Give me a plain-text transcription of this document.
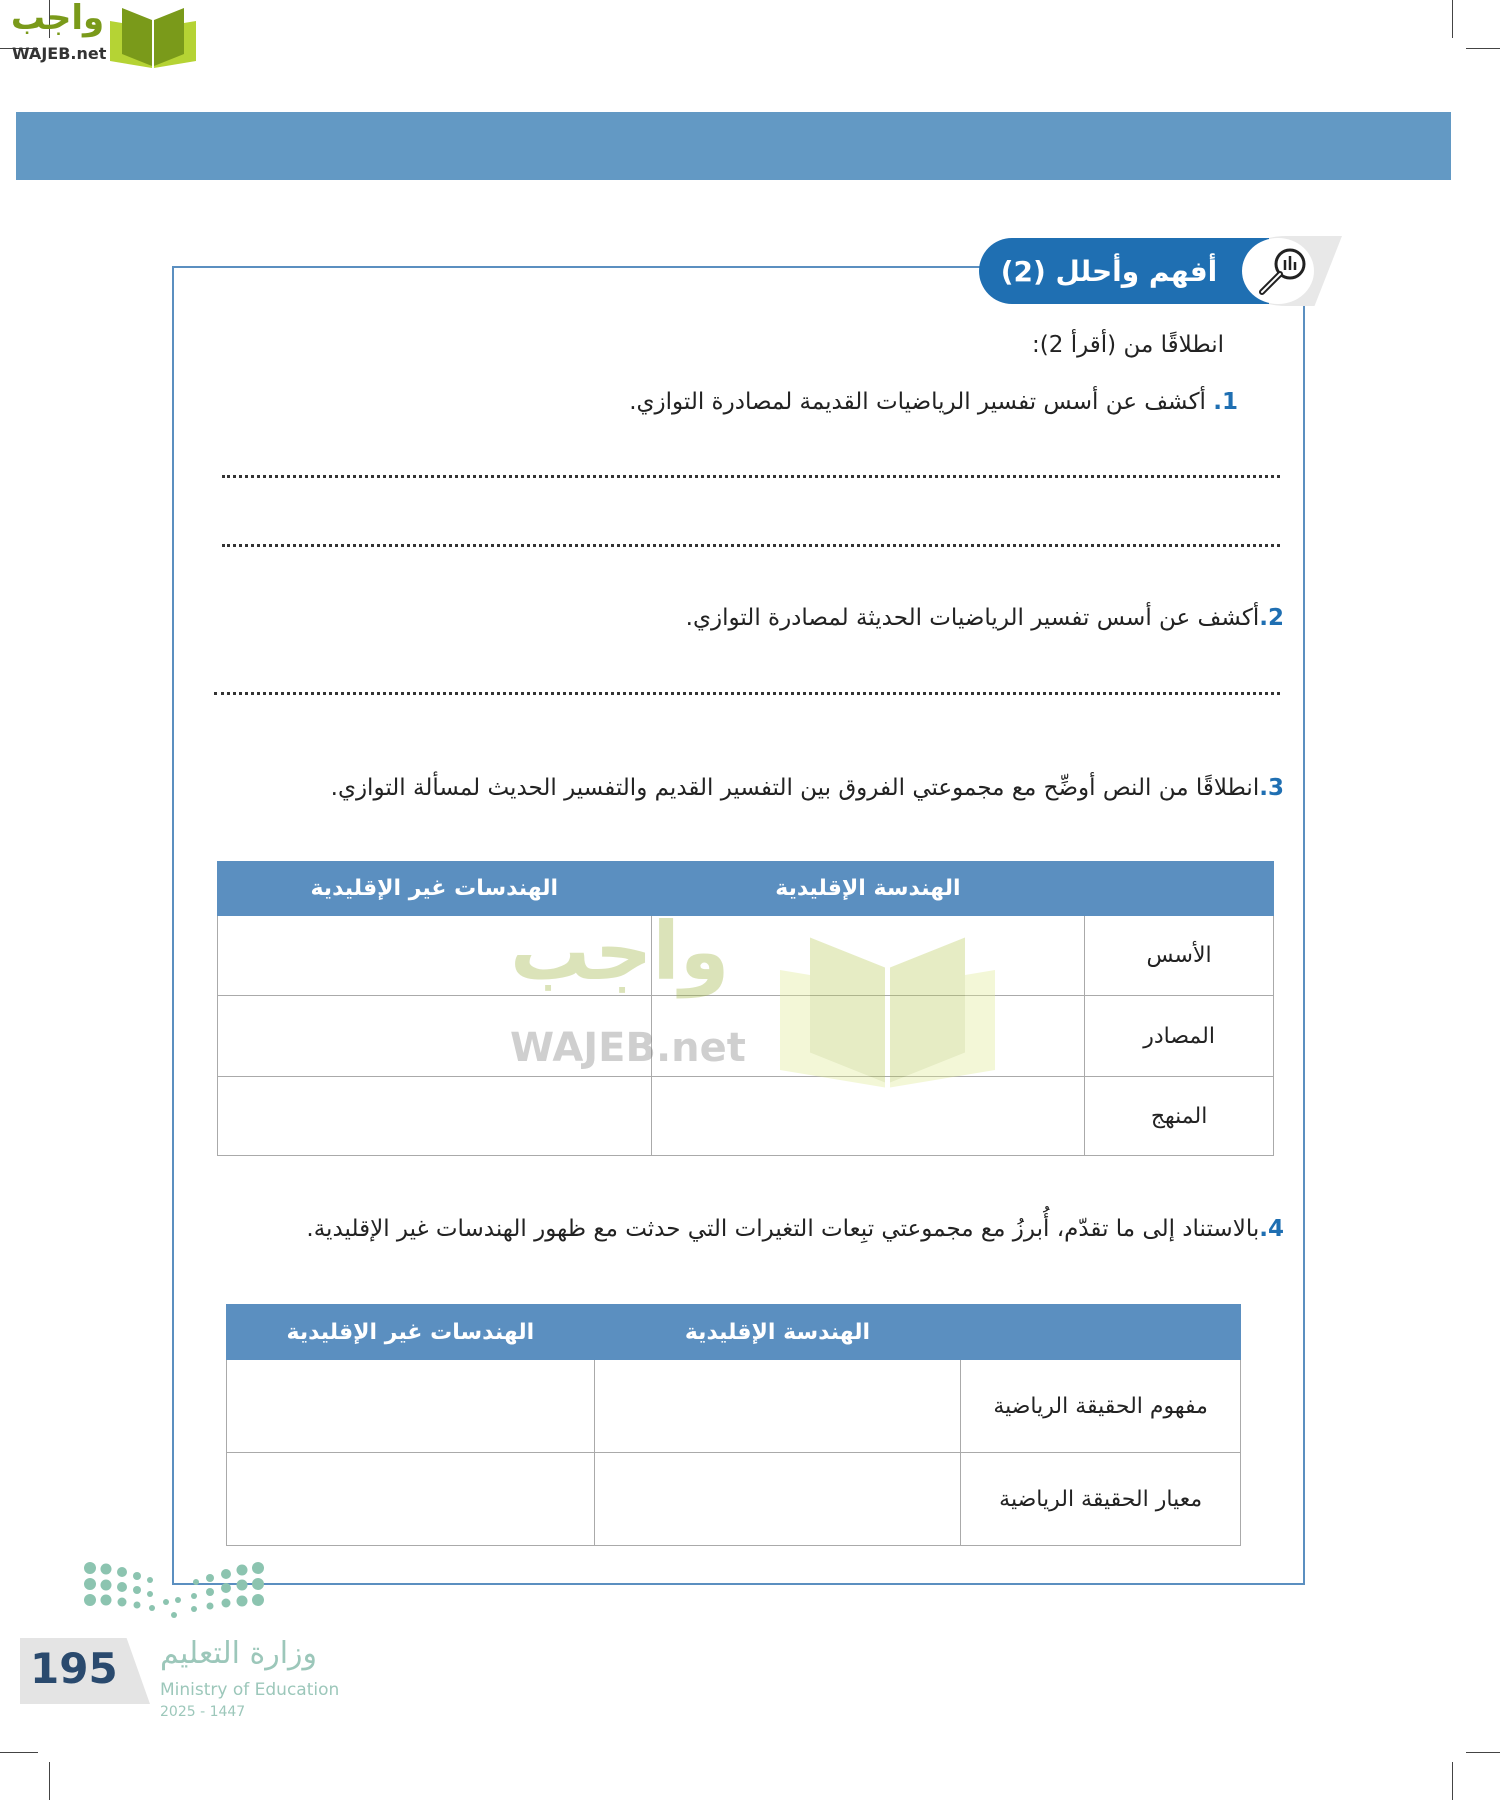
واجب
WAJEB.net
أفهم وأحلل (2)
انطلاقًا من (أقرأ 2):
1. أكشف عن أسس تفسير الرياضيات القديمة لمصادرة التوازي.
2.أكشف عن أسس تفسير الرياضيات الحديثة لمصادرة التوازي.
3.انطلاقًا من النص أوضِّح مع مجموعتي الفروق بين التفسير القديم والتفسير الحديث لمسألة التوازي.
	الهندسة الإقليدية	الهندسات غير الإقليدية
الأسس		
المصادر		
المنهج		
واجب
WAJEB.net
4.بالاستناد إلى ما تقدّم، أُبرزُ مع مجموعتي تبِعات التغيرات التي حدثت مع ظهور الهندسات غير الإقليدية.
	الهندسة الإقليدية	الهندسات غير الإقليدية
مفهوم الحقيقة الرياضية		
معيار الحقيقة الرياضية		
195 وزارة التعليم
Ministry of Education
2025 - 1447
